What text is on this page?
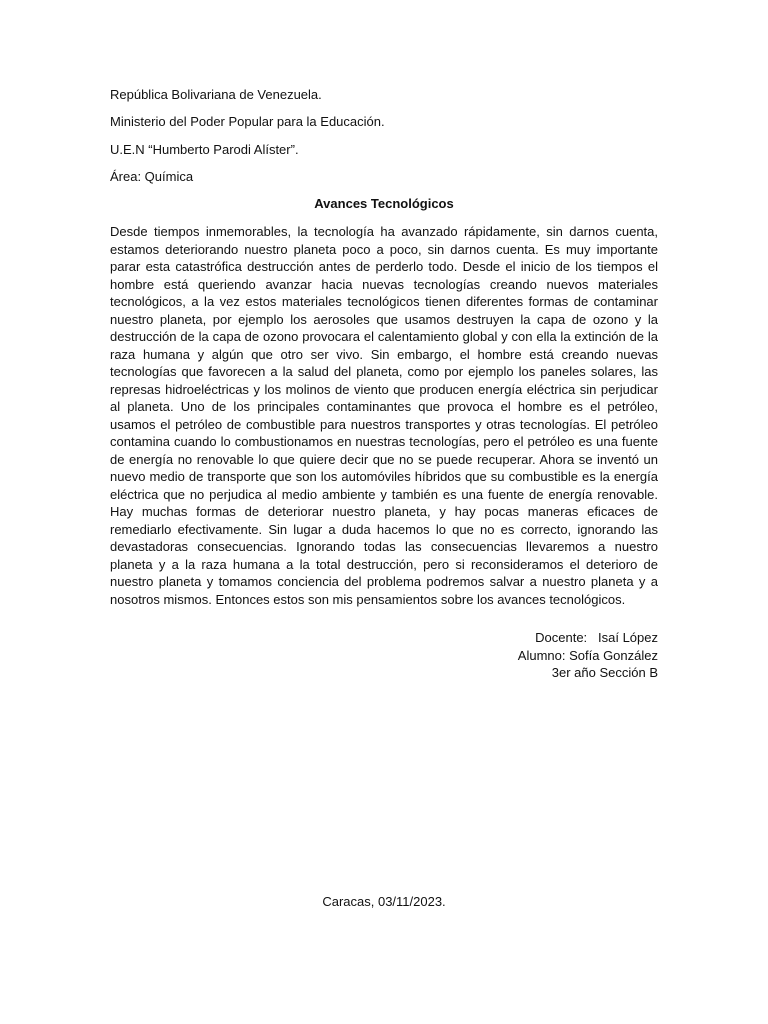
República Bolivariana de Venezuela.
Ministerio del Poder Popular para la Educación.
U.E.N “Humberto Parodi Alíster”.
Área: Química
Avances Tecnológicos

Desde tiempos inmemorables, la tecnología ha avanzado rápidamente, sin darnos cuenta, estamos deteriorando nuestro planeta poco a poco, sin darnos cuenta. Es muy importante parar esta catastrófica destrucción antes de perderlo todo. Desde el inicio de los tiempos el hombre está queriendo avanzar hacia nuevas tecnologías creando nuevos materiales tecnológicos, a la vez estos materiales tecnológicos tienen diferentes formas de contaminar nuestro planeta, por ejemplo los aerosoles que usamos destruyen la capa de ozono y la destrucción de la capa de ozono provocara el calentamiento global y con ella la extinción de la raza humana y algún que otro ser vivo. Sin embargo, el hombre está creando nuevas tecnologías que favorecen a la salud del planeta, como por ejemplo los paneles solares, las represas hidroeléctricas y los molinos de viento que producen energía eléctrica sin perjudicar al planeta. Uno de los principales contaminantes que provoca el hombre es el petróleo, usamos el petróleo de combustible para nuestros transportes y otras tecnologías. El petróleo contamina cuando lo combustionamos en nuestras tecnologías, pero el petróleo es una fuente de energía no renovable lo que quiere decir que no se puede recuperar. Ahora se inventó un nuevo medio de transporte que son los automóviles híbridos que su combustible es la energía eléctrica que no perjudica al medio ambiente y también es una fuente de energía renovable. Hay muchas formas de deteriorar nuestro planeta, y hay pocas maneras eficaces de remediarlo efectivamente. Sin lugar a duda hacemos lo que no es correcto, ignorando las devastadoras consecuencias. Ignorando todas las consecuencias llevaremos a nuestro planeta y a la raza humana a la total destrucción, pero si reconsideramos el deterioro de nuestro planeta y tomamos conciencia del problema podremos salvar a nuestro planeta y a nosotros mismos. Entonces estos son mis pensamientos sobre los avances tecnológicos.

Docente:   Isaí López
Alumno: Sofía González
3er año Sección B
Caracas, 03/11/2023.
